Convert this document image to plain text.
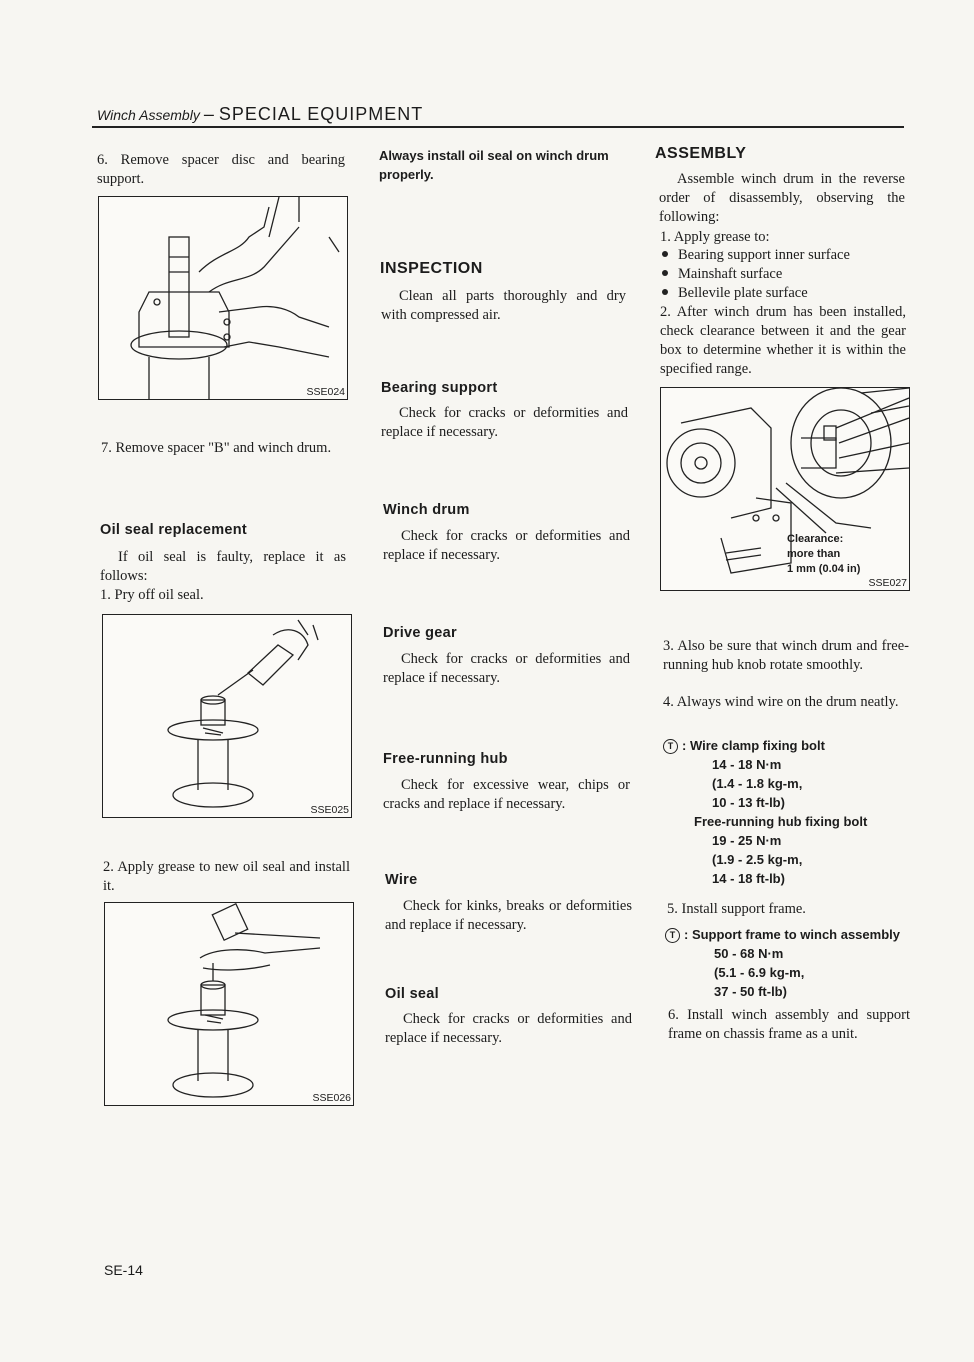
Winch Assembly – SPECIAL EQUIPMENT
6. Remove spacer disc and bearing support.
SSE024
7. Remove spacer "B" and winch drum.
Oil seal replacement
If oil seal is faulty, replace it as follows:
1. Pry off oil seal.
SSE025
2. Apply grease to new oil seal and install it.
SSE026
Always install oil seal on winch drum properly.
INSPECTION
Clean all parts thoroughly and dry with compressed air.
Bearing support
Check for cracks or deformities and replace if necessary.
Winch drum
Check for cracks or deformities and replace if necessary.
Drive gear
Check for cracks or deformities and replace if necessary.
Free-running hub
Check for excessive wear, chips or cracks and replace if necessary.
Wire
Check for kinks, breaks or deformities and replace if necessary.
Oil seal
Check for cracks or deformities and replace if necessary.
ASSEMBLY
Assemble winch drum in the reverse order of disassembly, observing the following:
1. Apply grease to:
Bearing support inner surface
Mainshaft surface
Bellevile plate surface
2. After winch drum has been installed, check clearance between it and the gear box to determine whether it is within the specified range.
Clearance:
more than
1 mm (0.04 in)
SSE027
3. Also be sure that winch drum and free-running hub knob rotate smoothly.
4. Always wind wire on the drum neatly.
T : Wire clamp fixing bolt
14 - 18 N·m
(1.4 - 1.8 kg-m,
10 - 13 ft-lb)
Free-running hub fixing bolt
19 - 25 N·m
(1.9 - 2.5 kg-m,
14 - 18 ft-lb)
5. Install support frame.
T : Support frame to winch assembly
50 - 68 N·m
(5.1 - 6.9 kg-m,
37 - 50 ft-lb)
6. Install winch assembly and support frame on chassis frame as a unit.
SE-14
